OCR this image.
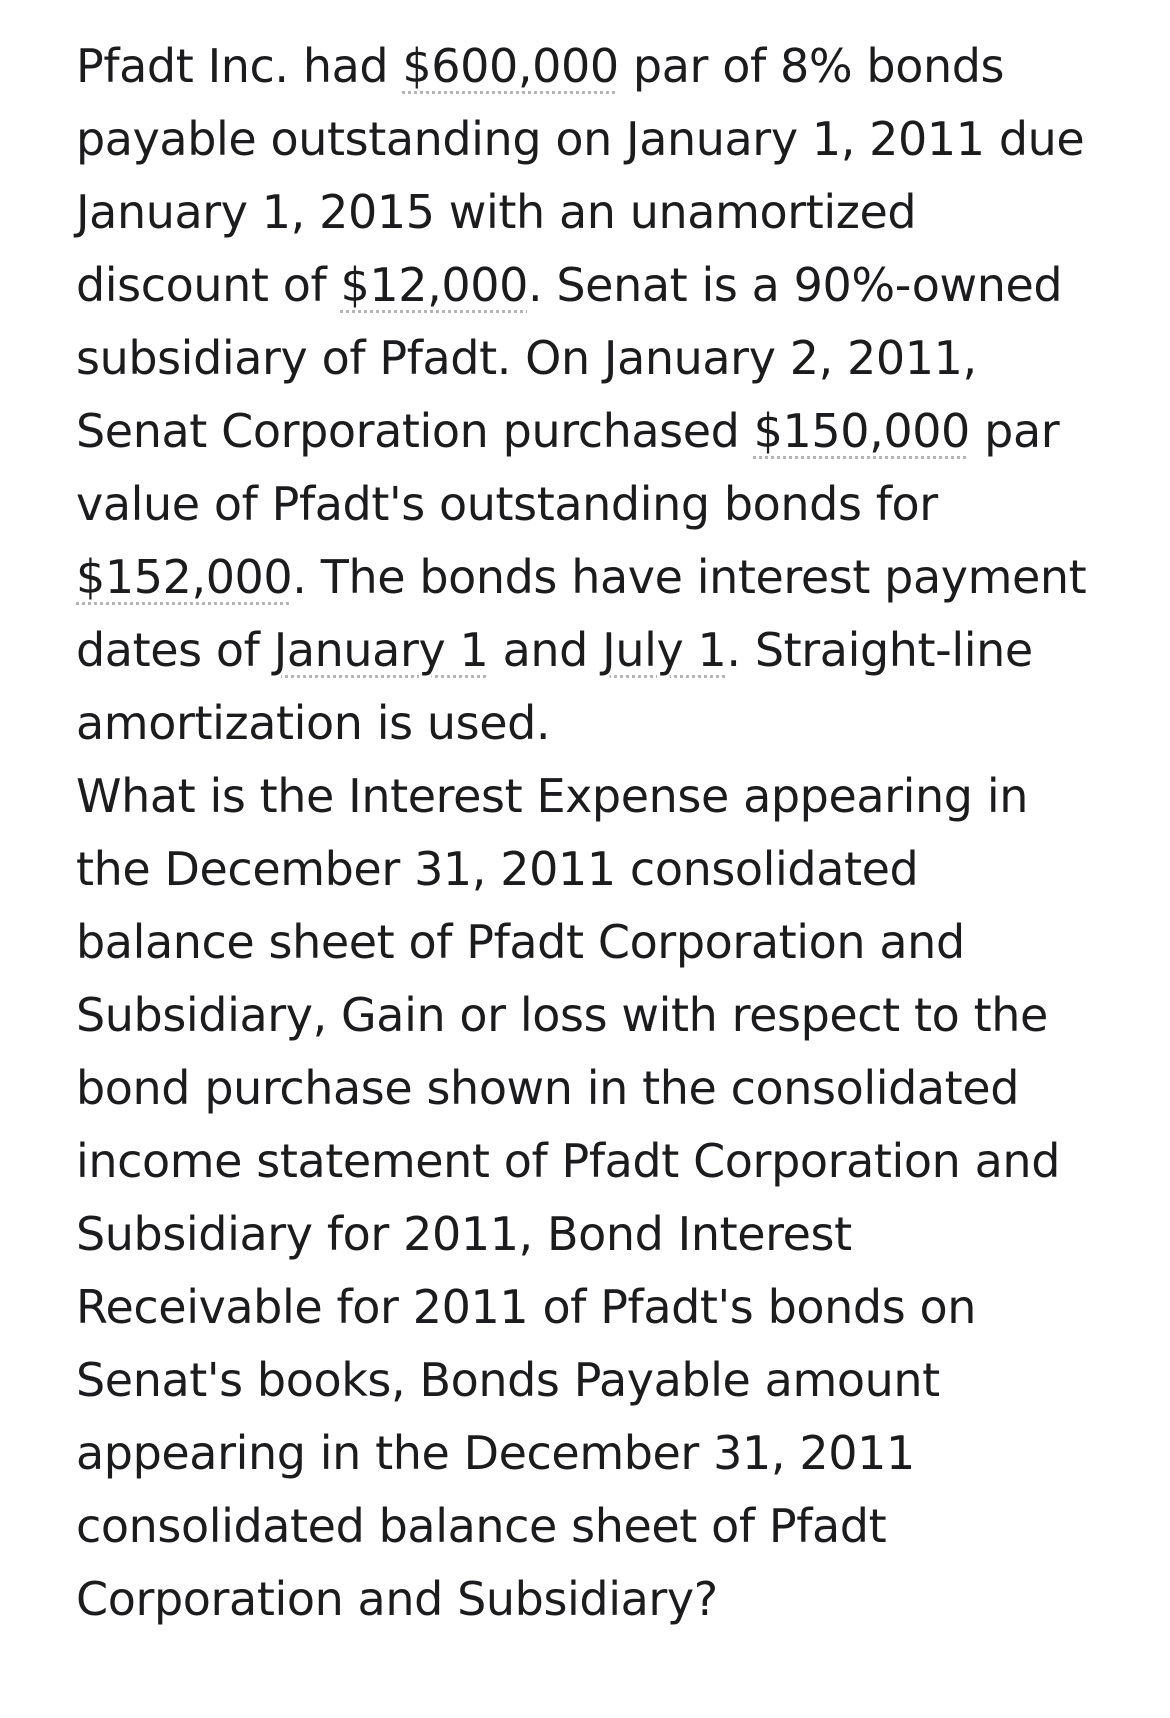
Pfadt Inc. had $600,000 par of 8% bonds
payable outstanding on January 1, 2011 due
January 1, 2015 with an unamortized
discount of $12,000. Senat is a 90%-owned
subsidiary of Pfadt. On January 2, 2011,
Senat Corporation purchased $150,000 par
value of Pfadt's outstanding bonds for
$152,000. The bonds have interest payment
dates of January 1 and July 1. Straight-line
amortization is used.
What is the Interest Expense appearing in
the December 31, 2011 consolidated
balance sheet of Pfadt Corporation and
Subsidiary, Gain or loss with respect to the
bond purchase shown in the consolidated
income statement of Pfadt Corporation and
Subsidiary for 2011, Bond Interest
Receivable for 2011 of Pfadt's bonds on
Senat's books, Bonds Payable amount
appearing in the December 31, 2011
consolidated balance sheet of Pfadt
Corporation and Subsidiary?
